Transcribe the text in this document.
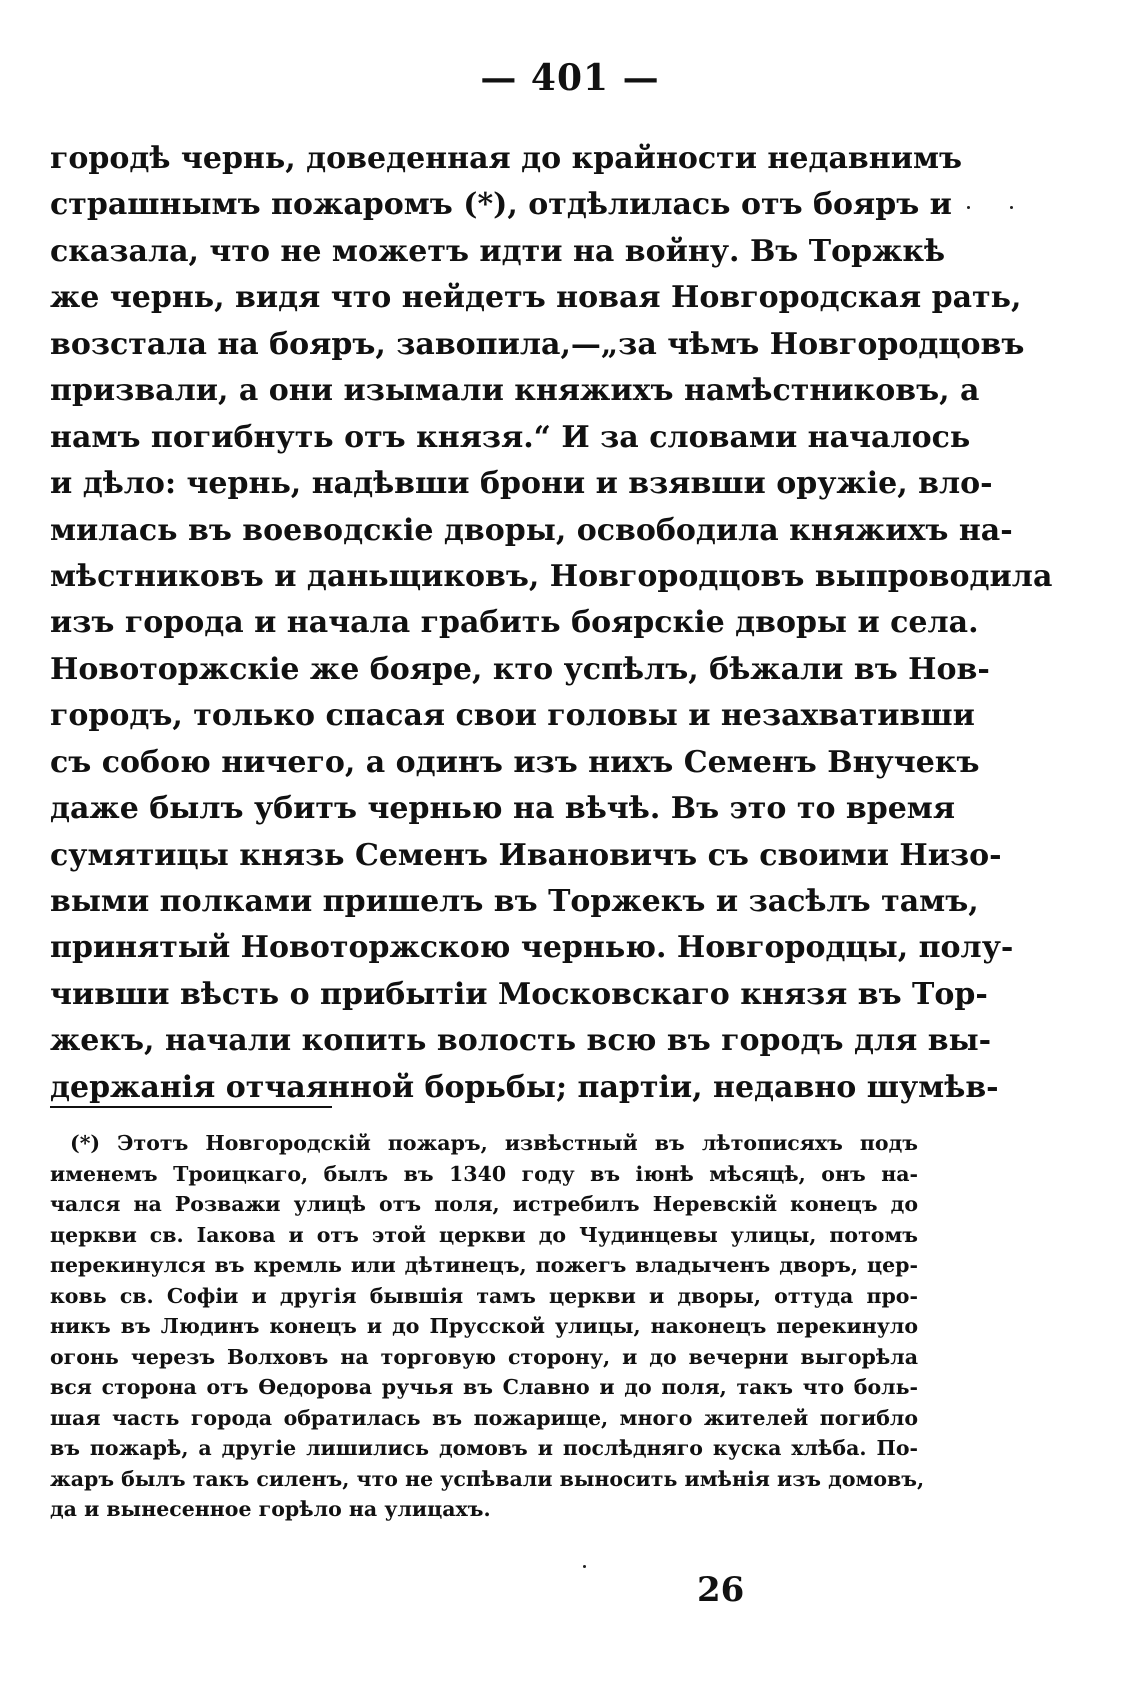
— 401 —
городѣ чернь, доведенная до крайности недавнимъ
страшнымъ пожаромъ (*), отдѣлилась отъ бояръ и
сказала, что не можетъ идти на войну. Въ Торжкѣ
же чернь, видя что нейдетъ новая Новгородская рать,
возстала на бояръ, завопила,—„за чѣмъ Новгородцовъ
призвали, а они изымали княжихъ намѣстниковъ, а
намъ погибнуть отъ князя.“ И за словами началось
и дѣло: чернь, надѣвши брони и взявши оружіе, вло-
милась въ воеводскіе дворы, освободила княжихъ на-
мѣстниковъ и даньщиковъ, Новгородцовъ выпроводила
изъ города и начала грабить боярскіе дворы и села.
Новоторжскіе же бояре, кто успѣлъ, бѣжали въ Нов-
городъ, только спасая свои головы и незахвативши
съ собою ничего, а одинъ изъ нихъ Семенъ Внучекъ
даже былъ убитъ чернью на вѣчѣ. Въ это то время
сумятицы князь Семенъ Ивановичъ съ своими Низо-
выми полками пришелъ въ Торжекъ и засѣлъ тамъ,
принятый Новоторжскою чернью. Новгородцы, полу-
чивши вѣсть о прибытіи Московскаго князя въ Тор-
жекъ, начали копить волость всю въ городъ для вы-
держанія отчаянной борьбы; партіи, недавно шумѣв-
(*) Этотъ Новгородскій пожаръ, извѣстный въ лѣтописяхъ подъ
именемъ Троицкаго, былъ въ 1340 году въ іюнѣ мѣсяцѣ, онъ на-
чался на Розважи улицѣ отъ поля, истребилъ Неревскій конецъ до
церкви св. Іакова и отъ этой церкви до Чудинцевы улицы, потомъ
перекинулся въ кремль или дѣтинецъ, пожегъ владыченъ дворъ, цер-
ковь св. Софіи и другія бывшія тамъ церкви и дворы, оттуда про-
никъ въ Людинъ конецъ и до Прусской улицы, наконецъ перекинуло
огонь черезъ Волховъ на торговую сторону, и до вечерни выгорѣла
вся сторона отъ Ѳедорова ручья въ Славно и до поля, такъ что боль-
шая часть города обратилась въ пожарище, много жителей погибло
въ пожарѣ, а другіе лишились домовъ и послѣдняго куска хлѣба. По-
жаръ былъ такъ силенъ, что не успѣвали выносить имѣнія изъ домовъ,
да и вынесенное горѣло на улицахъ.
26
